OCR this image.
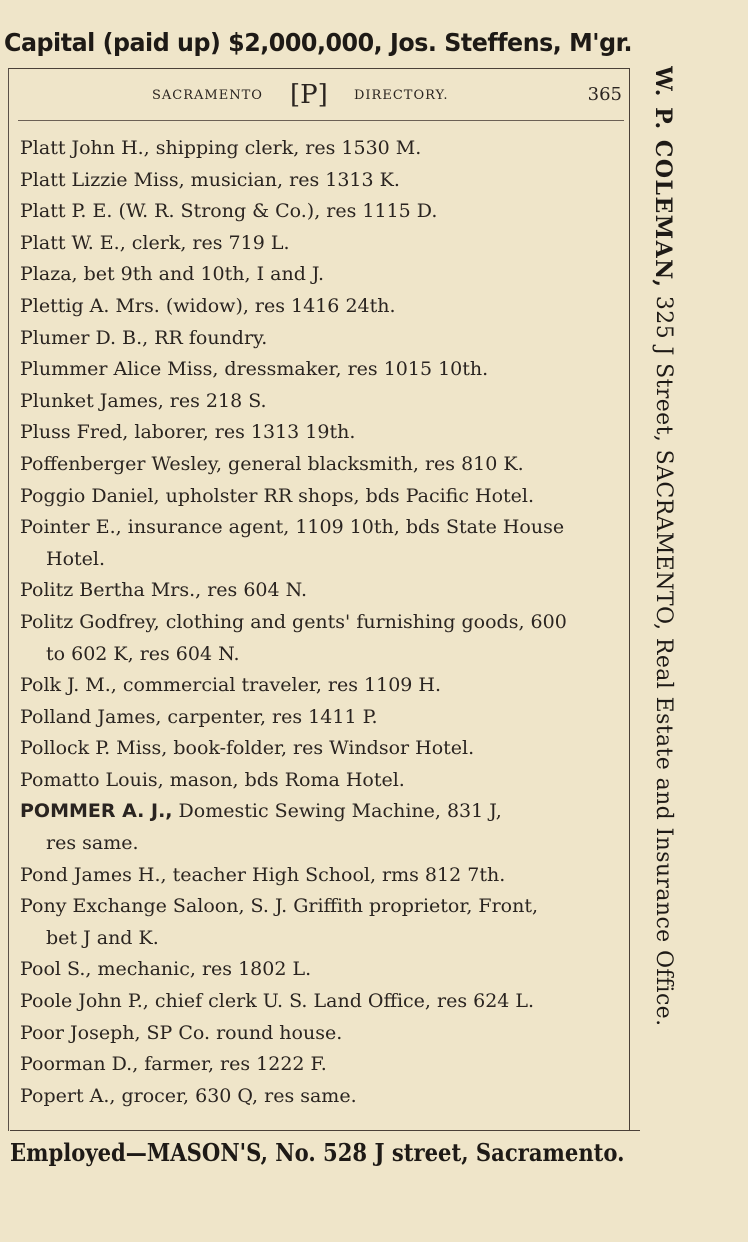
Capital (paid up) $2,000,000, Jos. Steffens, M'gr.
SACRAMENTO [P] DIRECTORY.	365
Platt John H., shipping clerk, res 1530 M.
Platt Lizzie Miss, musician, res 1313 K.
Platt P. E. (W. R. Strong & Co.), res 1115 D.
Platt W. E., clerk, res 719 L.
Plaza, bet 9th and 10th, I and J.
Plettig A. Mrs. (widow), res 1416 24th.
Plumer D. B., RR foundry.
Plummer Alice Miss, dressmaker, res 1015 10th.
Plunket James, res 218 S.
Pluss Fred, laborer, res 1313 19th.
Poffenberger Wesley, general blacksmith, res 810 K.
Poggio Daniel, upholster RR shops, bds Pacific Hotel.
Pointer E., insurance agent, 1109 10th, bds State House
Hotel.
Politz Bertha Mrs., res 604 N.
Politz Godfrey, clothing and gents' furnishing goods, 600
to 602 K, res 604 N.
Polk J. M., commercial traveler, res 1109 H.
Polland James, carpenter, res 1411 P.
Pollock P. Miss, book-folder, res Windsor Hotel.
Pomatto Louis, mason, bds Roma Hotel.
POMMER A. J., Domestic Sewing Machine, 831 J,
res same.
Pond James H., teacher High School, rms 812 7th.
Pony Exchange Saloon, S. J. Griffith proprietor, Front,
bet J and K.
Pool S., mechanic, res 1802 L.
Poole John P., chief clerk U. S. Land Office, res 624 L.
Poor Joseph, SP Co. round house.
Poorman D., farmer, res 1222 F.
Popert A., grocer, 630 Q, res same.
W. P. COLEMAN, 325 J Street, SACRAMENTO, Real Estate and Insurance Office.
Employed—MASON'S, No. 528 J street, Sacramento.
